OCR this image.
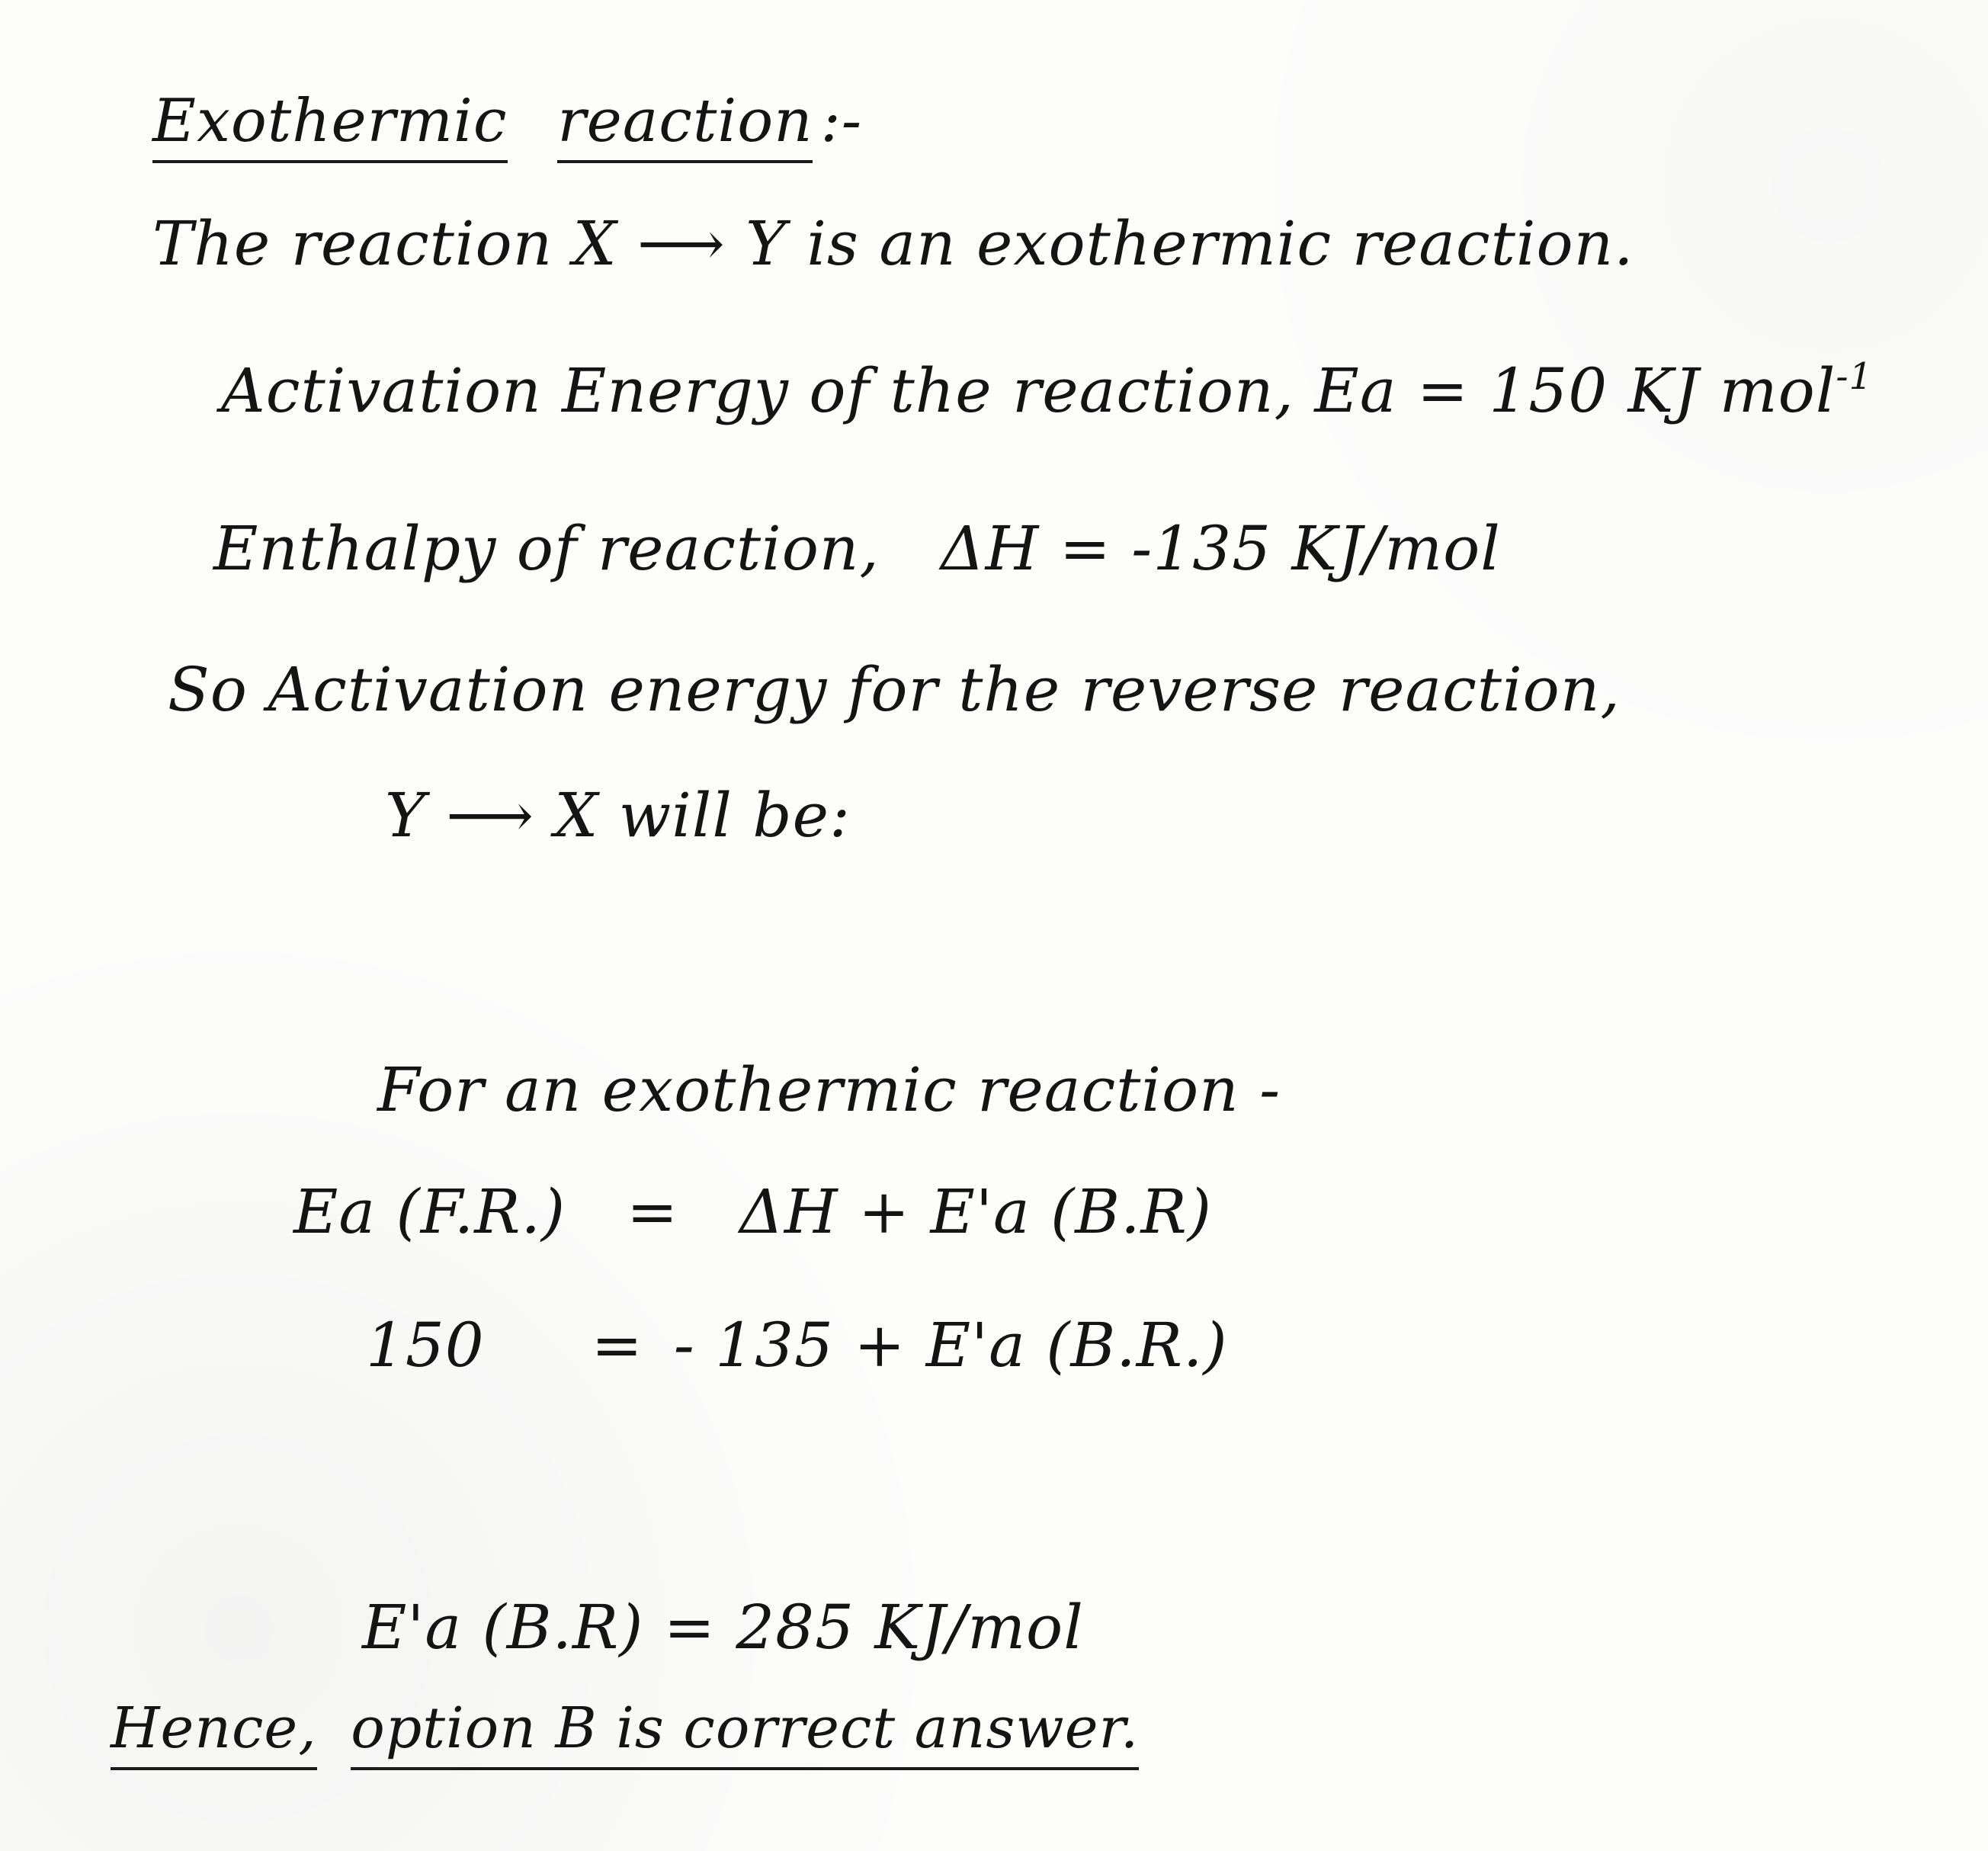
Exothermic reaction :-
The reaction X ⟶ Y is an exothermic reaction.
Activation Energy of the reaction, Ea = 150 KJ mol$^{-1}$
Enthalpy of reaction, ΔH = -135 KJ/mol
So Activation energy for the reverse reaction,
Y ⟶ X will be:
For an exothermic reaction -
Ea (F.R.) = ΔH + E'a (B.R)
150 = - 135 + E'a (B.R.)
E'a (B.R) = 285 KJ/mol
Hence, option B is correct answer.
